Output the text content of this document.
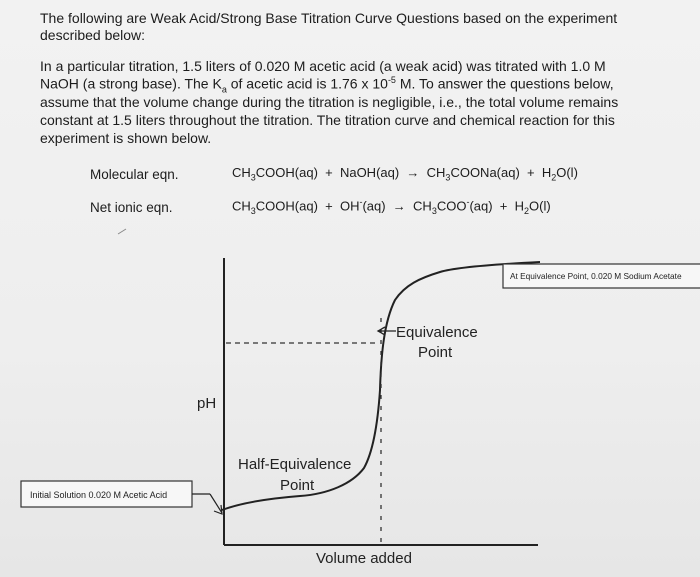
The following are Weak Acid/Strong Base Titration Curve Questions based on the experiment
described below:
In a particular titration, 1.5 liters of 0.020 M acetic acid (a weak acid) was titrated with 1.0 M
NaOH (a strong base). The $K_a$ of acetic acid is 1.76 x $10^{-5}$ M. To answer the questions below,
assume that the volume change during the titration is negligible, i.e., the total volume remains
constant at 1.5 liters throughout the titration. The titration curve and chemical reaction for this
experiment is shown below.
Molecular eqn.	$CH_3COOH(aq)$  +  NaOH(aq)  →  $CH_3COONa(aq) + H_2O(l)$
Net ionic eqn.	$CH_3COOH(aq) + OH^-(aq) \to CH_3COO^-(aq) + H_2O(l)$
pH
Volume added
Equivalence
Point
Half-Equivalence
Point
Initial Solution 0.020 M Acetic Acid
At Equivalence Point, 0.020 M Sodium Acetate
